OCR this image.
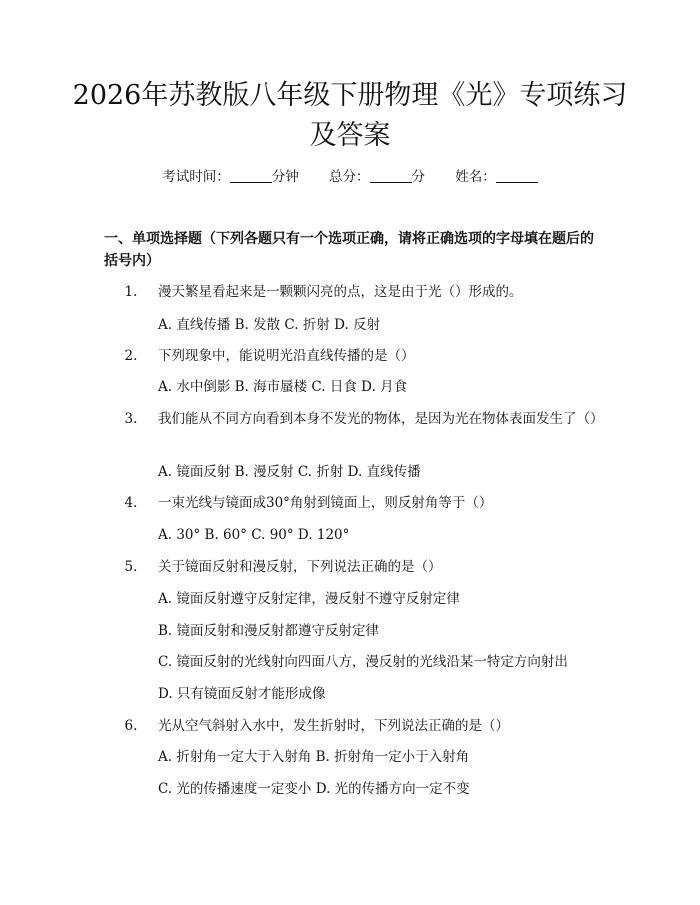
2026年苏教版八年级下册物理《光》专项练习及答案
考试时间：	分钟 总分：	分 姓名：
一、单项选择题（下列各题只有一个选项正确，请将正确选项的字母填在题后的括号内）
1. 漫天繁星看起来是一颗颗闪亮的点，这是由于光（）形成的。
A. 直线传播 B. 发散 C. 折射 D. 反射
2. 下列现象中，能说明光沿直线传播的是（）
A. 水中倒影 B. 海市蜃楼 C. 日食 D. 月食
3. 我们能从不同方向看到本身不发光的物体，是因为光在物体表面发生了（）
A. 镜面反射 B. 漫反射 C. 折射 D. 直线传播
4. 一束光线与镜面成30°角射到镜面上，则反射角等于（）
A. 30° B. 60° C. 90° D. 120°
5. 关于镜面反射和漫反射，下列说法正确的是（）
A. 镜面反射遵守反射定律，漫反射不遵守反射定律
B. 镜面反射和漫反射都遵守反射定律
C. 镜面反射的光线射向四面八方，漫反射的光线沿某一特定方向射出
D. 只有镜面反射才能形成像
6. 光从空气斜射入水中，发生折射时，下列说法正确的是（）
A. 折射角一定大于入射角 B. 折射角一定小于入射角
C. 光的传播速度一定变小 D. 光的传播方向一定不变
